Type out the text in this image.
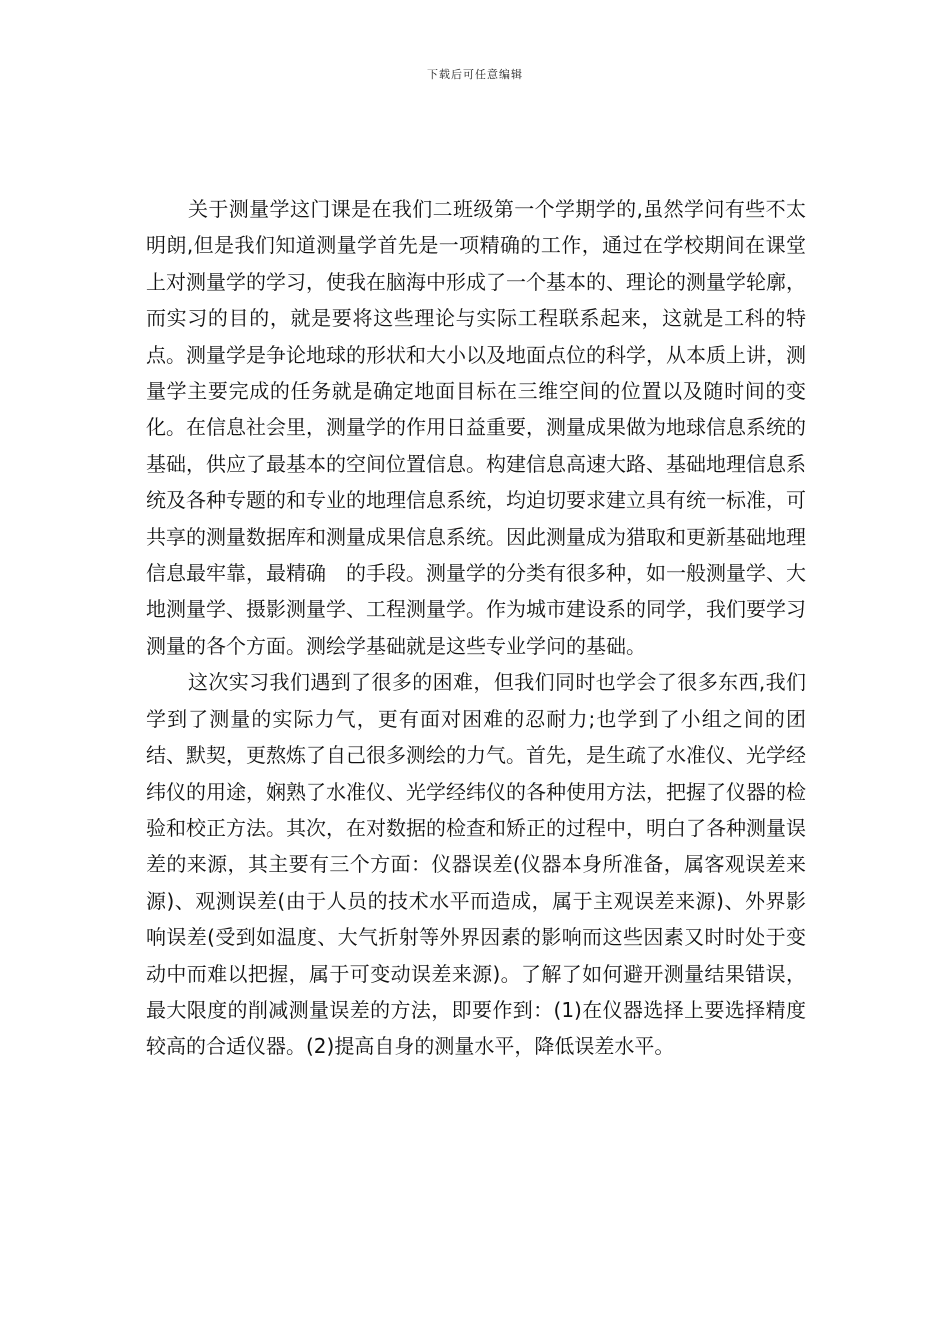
下载后可任意编辑

关于测量学这门课是在我们二班级第一个学期学的,虽然学问有些不太明朗,但是我们知道测量学首先是一项精确的工作，通过在学校期间在课堂上对测量学的学习，使我在脑海中形成了一个基本的、理论的测量学轮廓，而实习的目的，就是要将这些理论与实际工程联系起来，这就是工科的特点。测量学是争论地球的形状和大小以及地面点位的科学，从本质上讲，测量学主要完成的任务就是确定地面目标在三维空间的位置以及随时间的变化。在信息社会里，测量学的作用日益重要，测量成果做为地球信息系统的基础，供应了最基本的空间位置信息。构建信息高速大路、基础地理信息系统及各种专题的和专业的地理信息系统，均迫切要求建立具有统一标准，可共享的测量数据库和测量成果信息系统。因此测量成为猎取和更新基础地理信息最牢靠，最精确　的手段。测量学的分类有很多种，如一般测量学、大地测量学、摄影测量学、工程测量学。作为城市建设系的同学，我们要学习测量的各个方面。测绘学基础就是这些专业学问的基础。

这次实习我们遇到了很多的困难，但我们同时也学会了很多东西,我们学到了测量的实际力气，更有面对困难的忍耐力;也学到了小组之间的团结、默契，更熬炼了自己很多测绘的力气。首先，是生疏了水准仪、光学经纬仪的用途，娴熟了水准仪、光学经纬仪的各种使用方法，把握了仪器的检验和校正方法。其次，在对数据的检查和矫正的过程中，明白了各种测量误差的来源，其主要有三个方面：仪器误差(仪器本身所准备，属客观误差来源)、观测误差(由于人员的技术水平而造成，属于主观误差来源)、外界影响误差(受到如温度、大气折射等外界因素的影响而这些因素又时时处于变动中而难以把握，属于可变动误差来源)。了解了如何避开测量结果错误，最大限度的削减测量误差的方法，即要作到：(1)在仪器选择上要选择精度较高的合适仪器。(2)提高自身的测量水平，降低误差水平。
